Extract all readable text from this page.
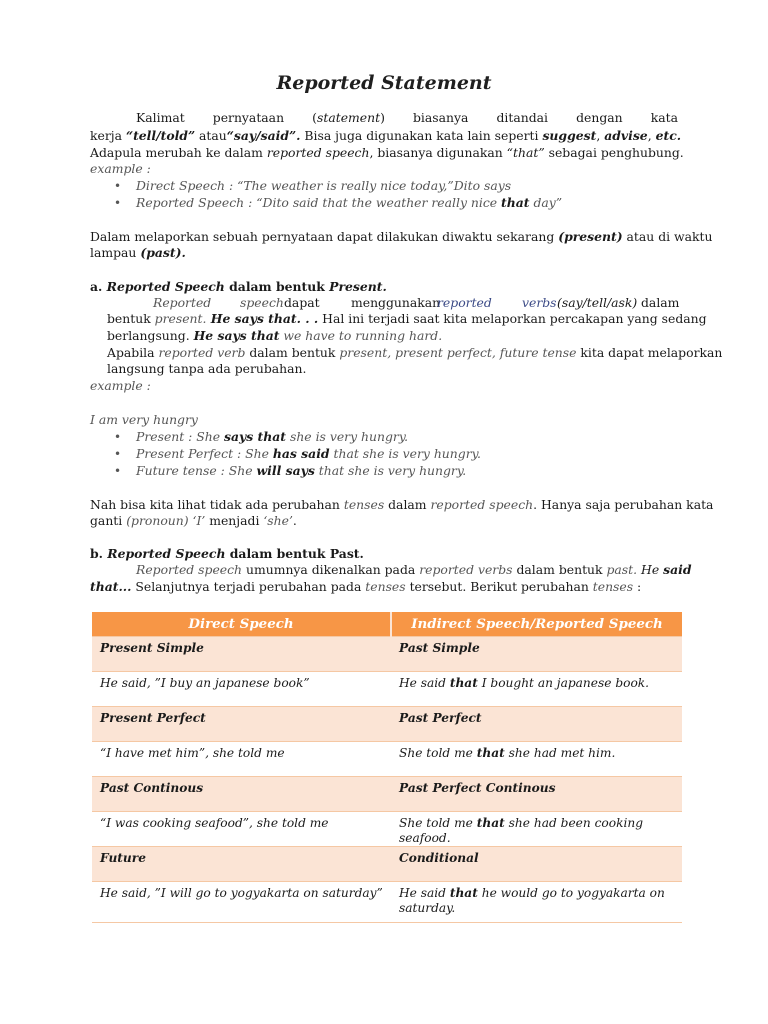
Reported Statement
Kalimat pernyataan (statement) biasanya ditandai dengan kata
kerja “tell/told” atau“say/said”. Bisa juga digunakan kata lain seperti suggest, advise, etc.
Adapula merubah ke dalam reported speech, biasanya digunakan “that” sebagai penghubung.
example :
• Direct Speech : “The weather is really nice today,”Dito says
• Reported Speech : “Dito said that the weather really nice that day”
Dalam melaporkan sebuah pernyataan dapat dilakukan diwaktu sekarang (present) atau di waktu
lampau (past).
a. Reported Speech dalam bentuk Present.
Reported speech dapat	menggunakan
reported verbs (say/tell/ask) dalam
bentuk present. He says that. . . Hal ini terjadi saat kita melaporkan percakapan yang sedang
berlangsung. He says that we have to running hard.
Apabila reported verb dalam bentuk present, present perfect, future tense kita dapat melaporkan
langsung tanpa ada perubahan.
example :
I am very hungry
• Present : She says that she is very hungry.
• Present Perfect : She has said that she is very hungry.
• Future tense : She will says that she is very hungry.
Nah bisa kita lihat tidak ada perubahan tenses dalam reported speech. Hanya saja perubahan kata
ganti (pronoun) ‘I’ menjadi ‘she’.
b. Reported Speech dalam bentuk Past.
Reported speech umumnya dikenalkan pada reported verbs dalam bentuk past. He said
that... Selanjutnya terjadi perubahan pada tenses tersebut. Berikut perubahan tenses :
Direct Speech	Indirect Speech/Reported Speech
Present Simple	Past Simple
He said, ”I buy an japanese book”	He said that I bought an japanese book.
Present Perfect	Past Perfect
“I have met him”, she told me	She told me that she had met him.
Past Continous	Past Perfect Continous
“I was cooking seafood”, she told me	She told me that she had been cooking seafood.
Future	Conditional
He said, ”I will go to yogyakarta on saturday”	He said that he would go to yogyakarta on saturday.
